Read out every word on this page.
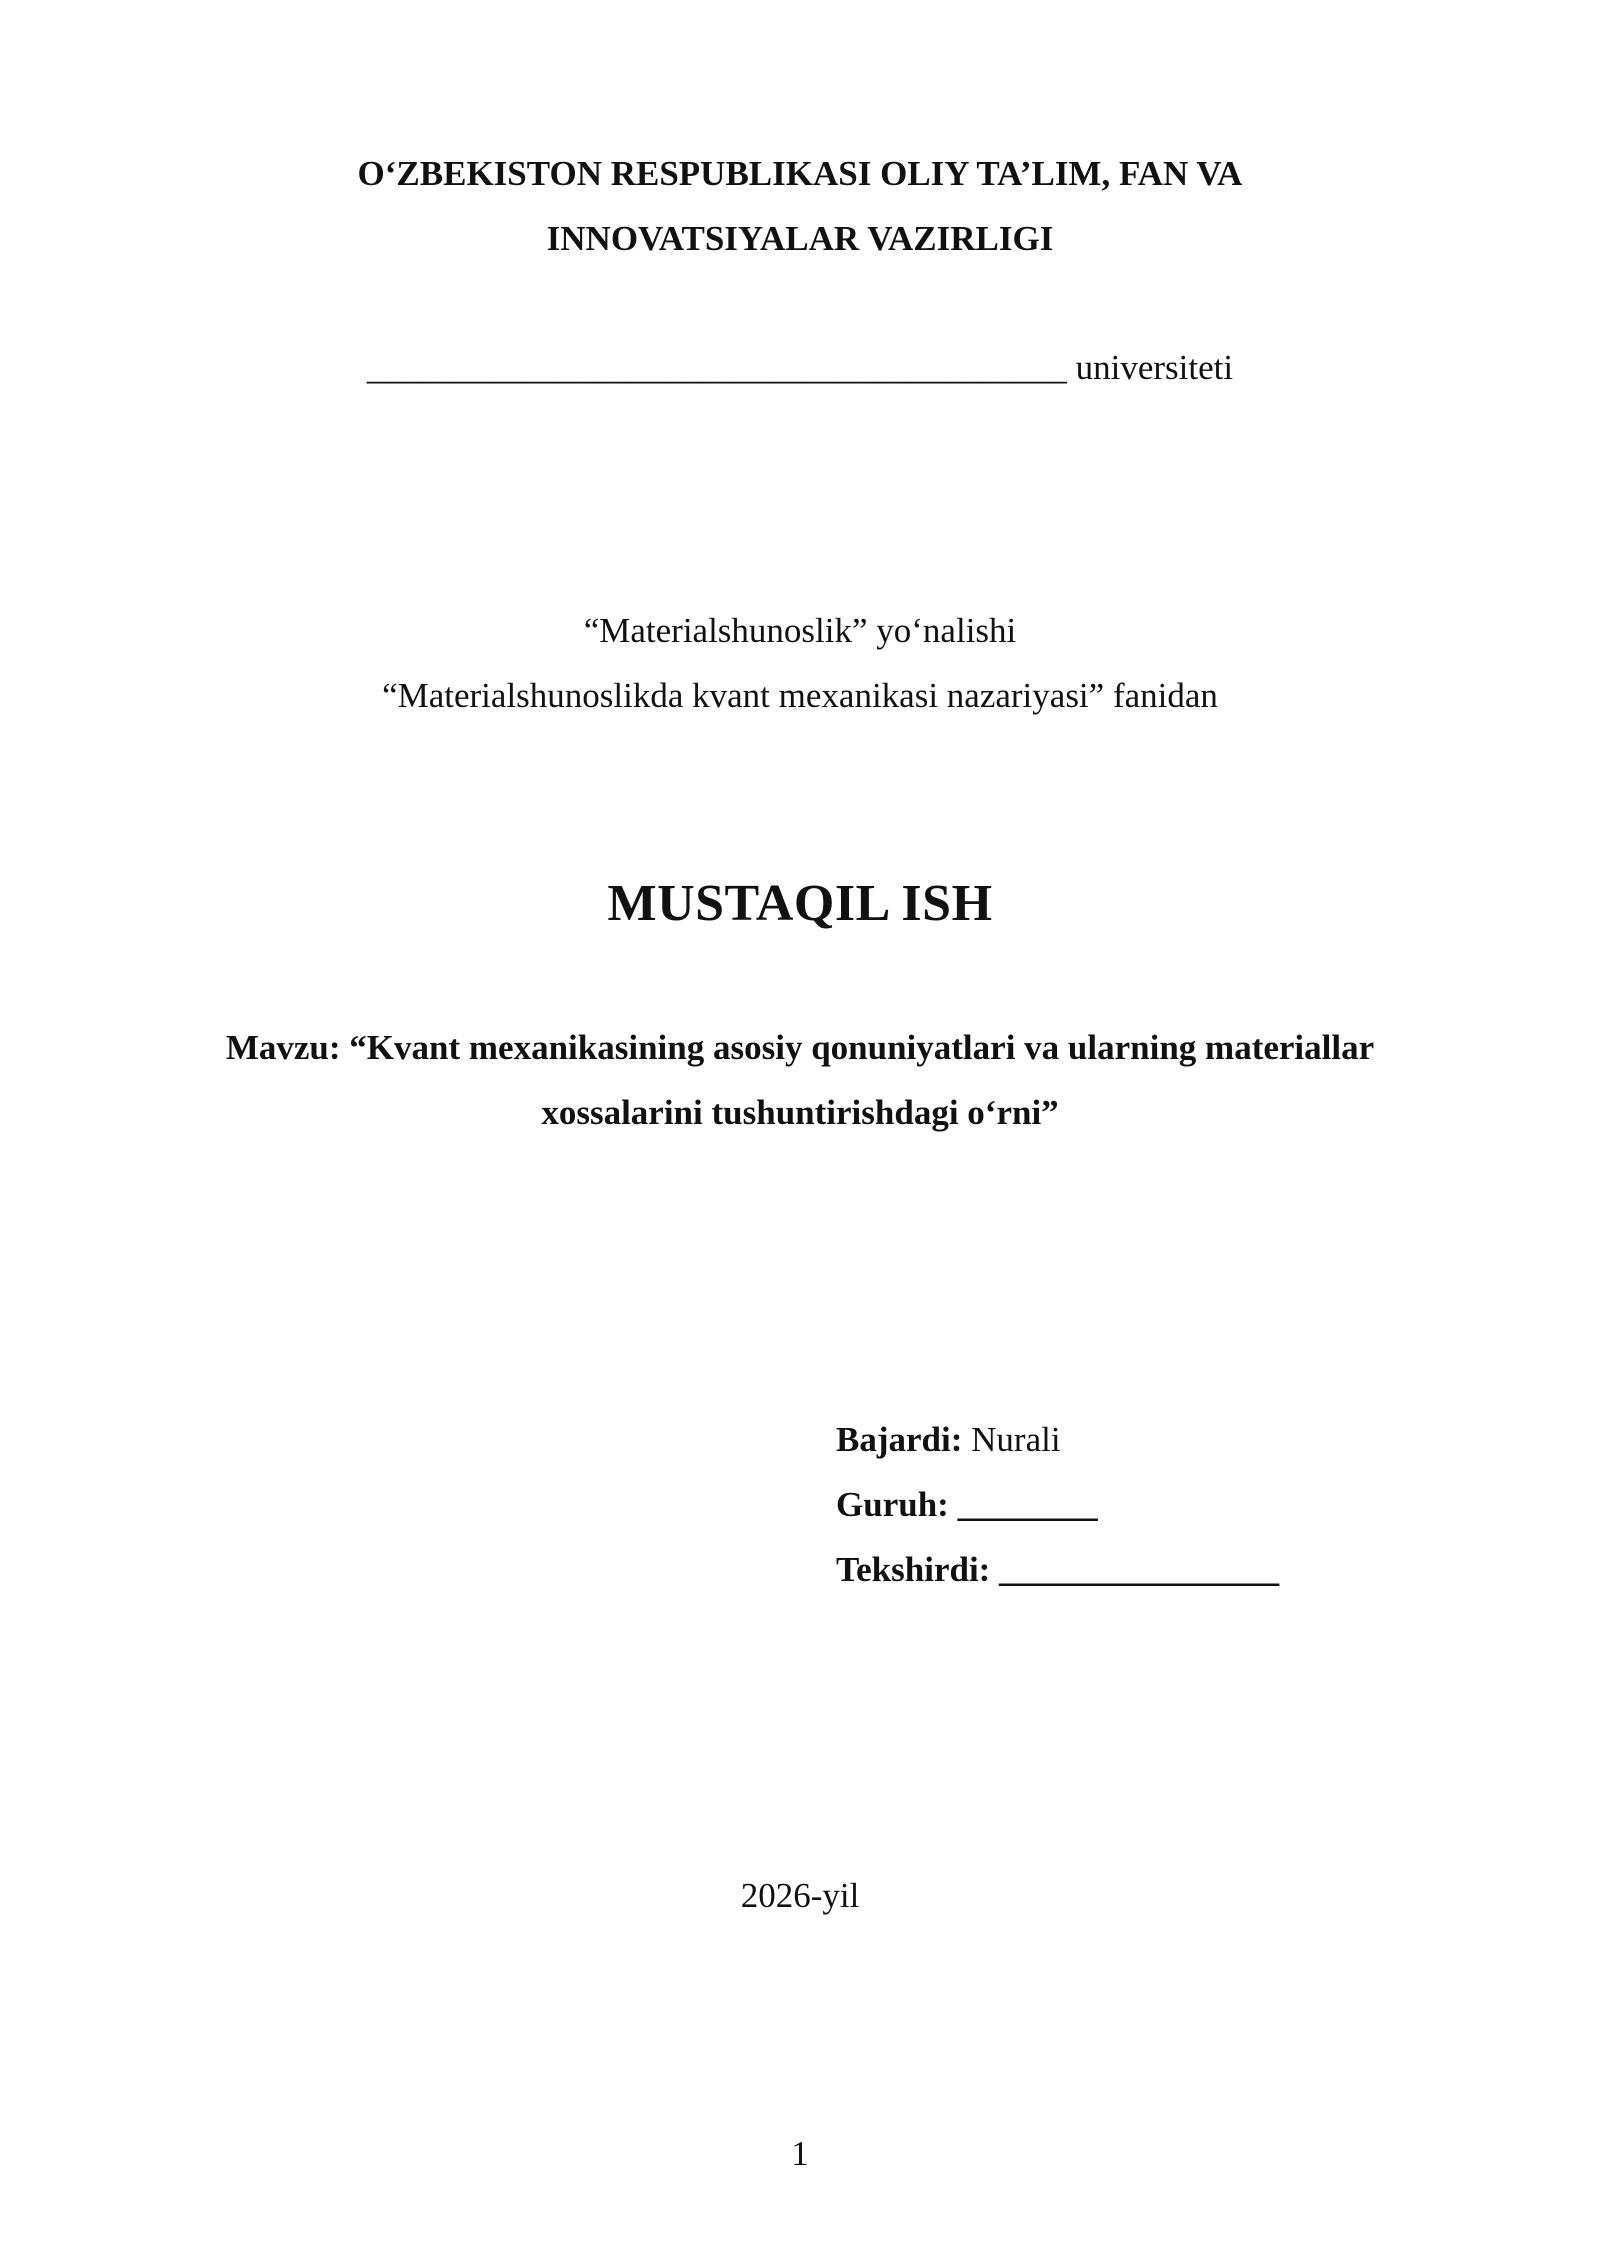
O‘ZBEKISTON RESPUBLIKASI OLIY TA’LIM, FAN VA
INNOVATSIYALAR VAZIRLIGI
________________________________________ universiteti
“Materialshunoslik” yo‘nalishi
“Materialshunoslikda kvant mexanikasi nazariyasi” fanidan
MUSTAQIL ISH
Mavzu: “Kvant mexanikasining asosiy qonuniyatlari va ularning materiallar
xossalarini tushuntirishdagi o‘rni”
Bajardi: Nurali
Guruh: ________
Tekshirdi: ________________
2026-yil
1
